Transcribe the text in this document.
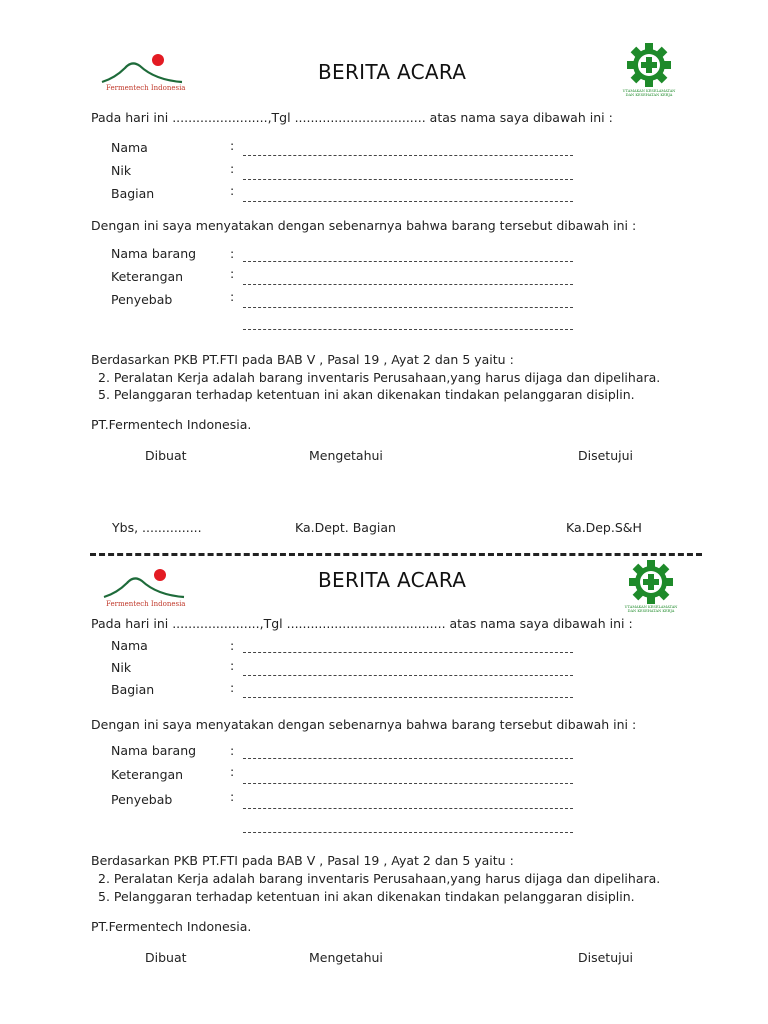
Fermentech Indonesia
BERITA ACARA
UTAMAKAN KESELAMATAN
DAN KESEHATAN KERJA
Pada hari ini ........................,Tgl ................................. atas nama saya dibawah ini :
Nama	:
Nik	:
Bagian	:
Dengan ini saya menyatakan dengan sebenarnya bahwa barang tersebut dibawah ini :
Nama barang	:
Keterangan	:
Penyebab	:
Berdasarkan PKB PT.FTI pada BAB V , Pasal 19 , Ayat 2 dan 5 yaitu :
2. Peralatan Kerja adalah barang inventaris Perusahaan,yang harus dijaga dan dipelihara.
5. Pelanggaran terhadap ketentuan ini akan dikenakan tindakan pelanggaran disiplin.
PT.Fermentech Indonesia.
Dibuat	Mengetahui	Disetujui
Ybs, ...............	Ka.Dept. Bagian	Ka.Dep.S&H
Fermentech Indonesia
BERITA ACARA
UTAMAKAN KESELAMATAN
DAN KESEHATAN KERJA
Pada hari ini ......................,Tgl ........................................ atas nama saya dibawah ini :
Nama	:
Nik	:
Bagian	:
Dengan ini saya menyatakan dengan sebenarnya bahwa barang tersebut dibawah ini :
Nama barang	:
Keterangan	:
Penyebab	:
Berdasarkan PKB PT.FTI pada BAB V , Pasal 19 , Ayat 2 dan 5 yaitu :
2. Peralatan Kerja adalah barang inventaris Perusahaan,yang harus dijaga dan dipelihara.
5. Pelanggaran terhadap ketentuan ini akan dikenakan tindakan pelanggaran disiplin.
PT.Fermentech Indonesia.
Dibuat	Mengetahui	Disetujui
